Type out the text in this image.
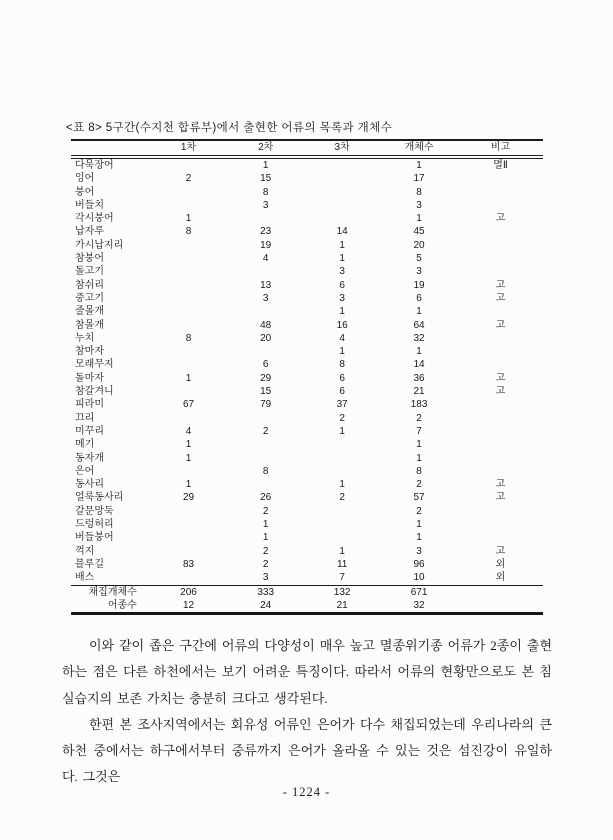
<표 8> 5구간(수지천 합류부)에서 출현한 어류의 목록과 개체수
	1차	2차	3차	개체수	비고
다묵장어		1		1	멸Ⅱ
잉어	2	15		17	
붕어		8		8	
버들치		3		3	
각시붕어	1			1	고
납자루	8	23	14	45	
가시납지리		19	1	20	
참붕어		4	1	5	
돌고기			3	3	
참쉬리		13	6	19	고
중고기		3	3	6	고
줄몰개			1	1	
참몰개		48	16	64	고
누치	8	20	4	32	
참마자			1	1	
모래무지		6	8	14	
돌마자	1	29	6	36	고
참갈겨니		15	6	21	고
피라미	67	79	37	183	
끄리			2	2	
미꾸리	4	2	1	7	
메기	1			1	
동자개	1			1	
은어		8		8	
동사리	1		1	2	고
얼룩동사리	29	26	2	57	고
갈문망둑		2		2	
드렁허리		1		1	
버들붕어		1		1	
꺽지		2	1	3	고
블루길	83	2	11	96	외
배스		3	7	10	외
채집개체수	206	333	132	671	
어종수	12	24	21	32	

이와 같이 좁은 구간에 어류의 다양성이 매우 높고 멸종위기종 어류가 2종이 출현하는 점은 다른 하천에서는 보기 어려운 특징이다. 따라서 어류의 현황만으로도 본 침실습지의 보존 가치는 충분히 크다고 생각된다.

한편 본 조사지역에서는 회유성 어류인 은어가 다수 채집되었는데 우리나라의 큰 하천 중에서는 하구에서부터 중류까지 은어가 올라올 수 있는 것은 섬진강이 유일하다. 그것은

- 1224 -
